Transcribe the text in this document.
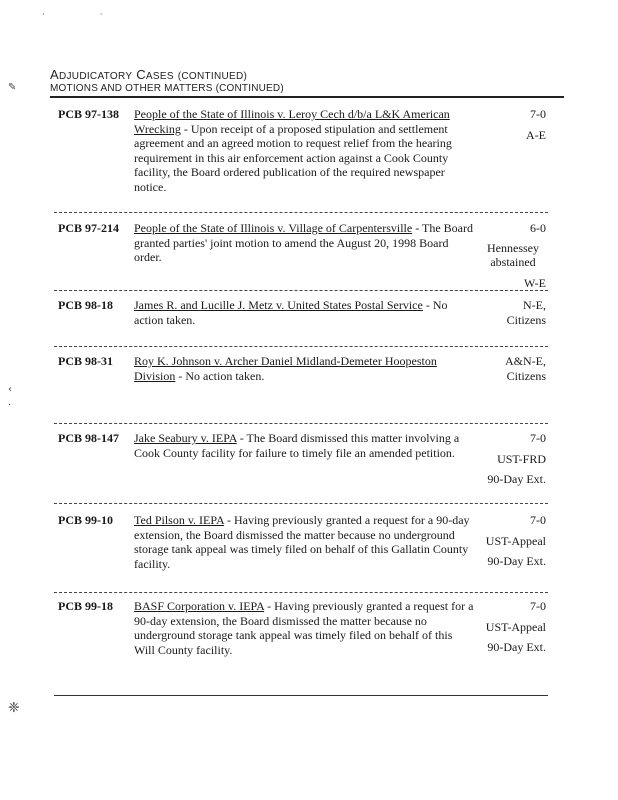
· ·
ADJUDICATORY CASES (CONTINUED)
MOTIONS AND OTHER MATTERS (CONTINUED)
✎
‹
·
❈
PCB 97-138	People of the State of Illinois v. Leroy Cech d/b/a L&K American Wrecking - Upon receipt of a proposed stipulation and settlement agreement and an agreed motion to request relief from the hearing requirement in this air enforcement action against a Cook County facility, the Board ordered publication of the required newspaper notice.
7-0
A-E
PCB 97-214	People of the State of Illinois v. Village of Carpentersville - The Board granted parties' joint motion to amend the August 20, 1998 Board order.
6-0
Hennessey abstained
W-E
PCB 98-18	James R. and Lucille J. Metz v. United States Postal Service - No action taken.
N-E,
Citizens
PCB 98-31	Roy K. Johnson v. Archer Daniel Midland-Demeter Hoopeston Division - No action taken.
A&N-E,
Citizens
PCB 98-147	Jake Seabury v. IEPA - The Board dismissed this matter involving a Cook County facility for failure to timely file an amended petition.
7-0
UST-FRD
90-Day Ext.
PCB 99-10	Ted Pilson v. IEPA - Having previously granted a request for a 90-day extension, the Board dismissed the matter because no underground storage tank appeal was timely filed on behalf of this Gallatin County facility.
7-0
UST-Appeal
90-Day Ext.
PCB 99-18	BASF Corporation v. IEPA - Having previously granted a request for a 90-day extension, the Board dismissed the matter because no underground storage tank appeal was timely filed on behalf of this Will County facility.
7-0
UST-Appeal
90-Day Ext.
